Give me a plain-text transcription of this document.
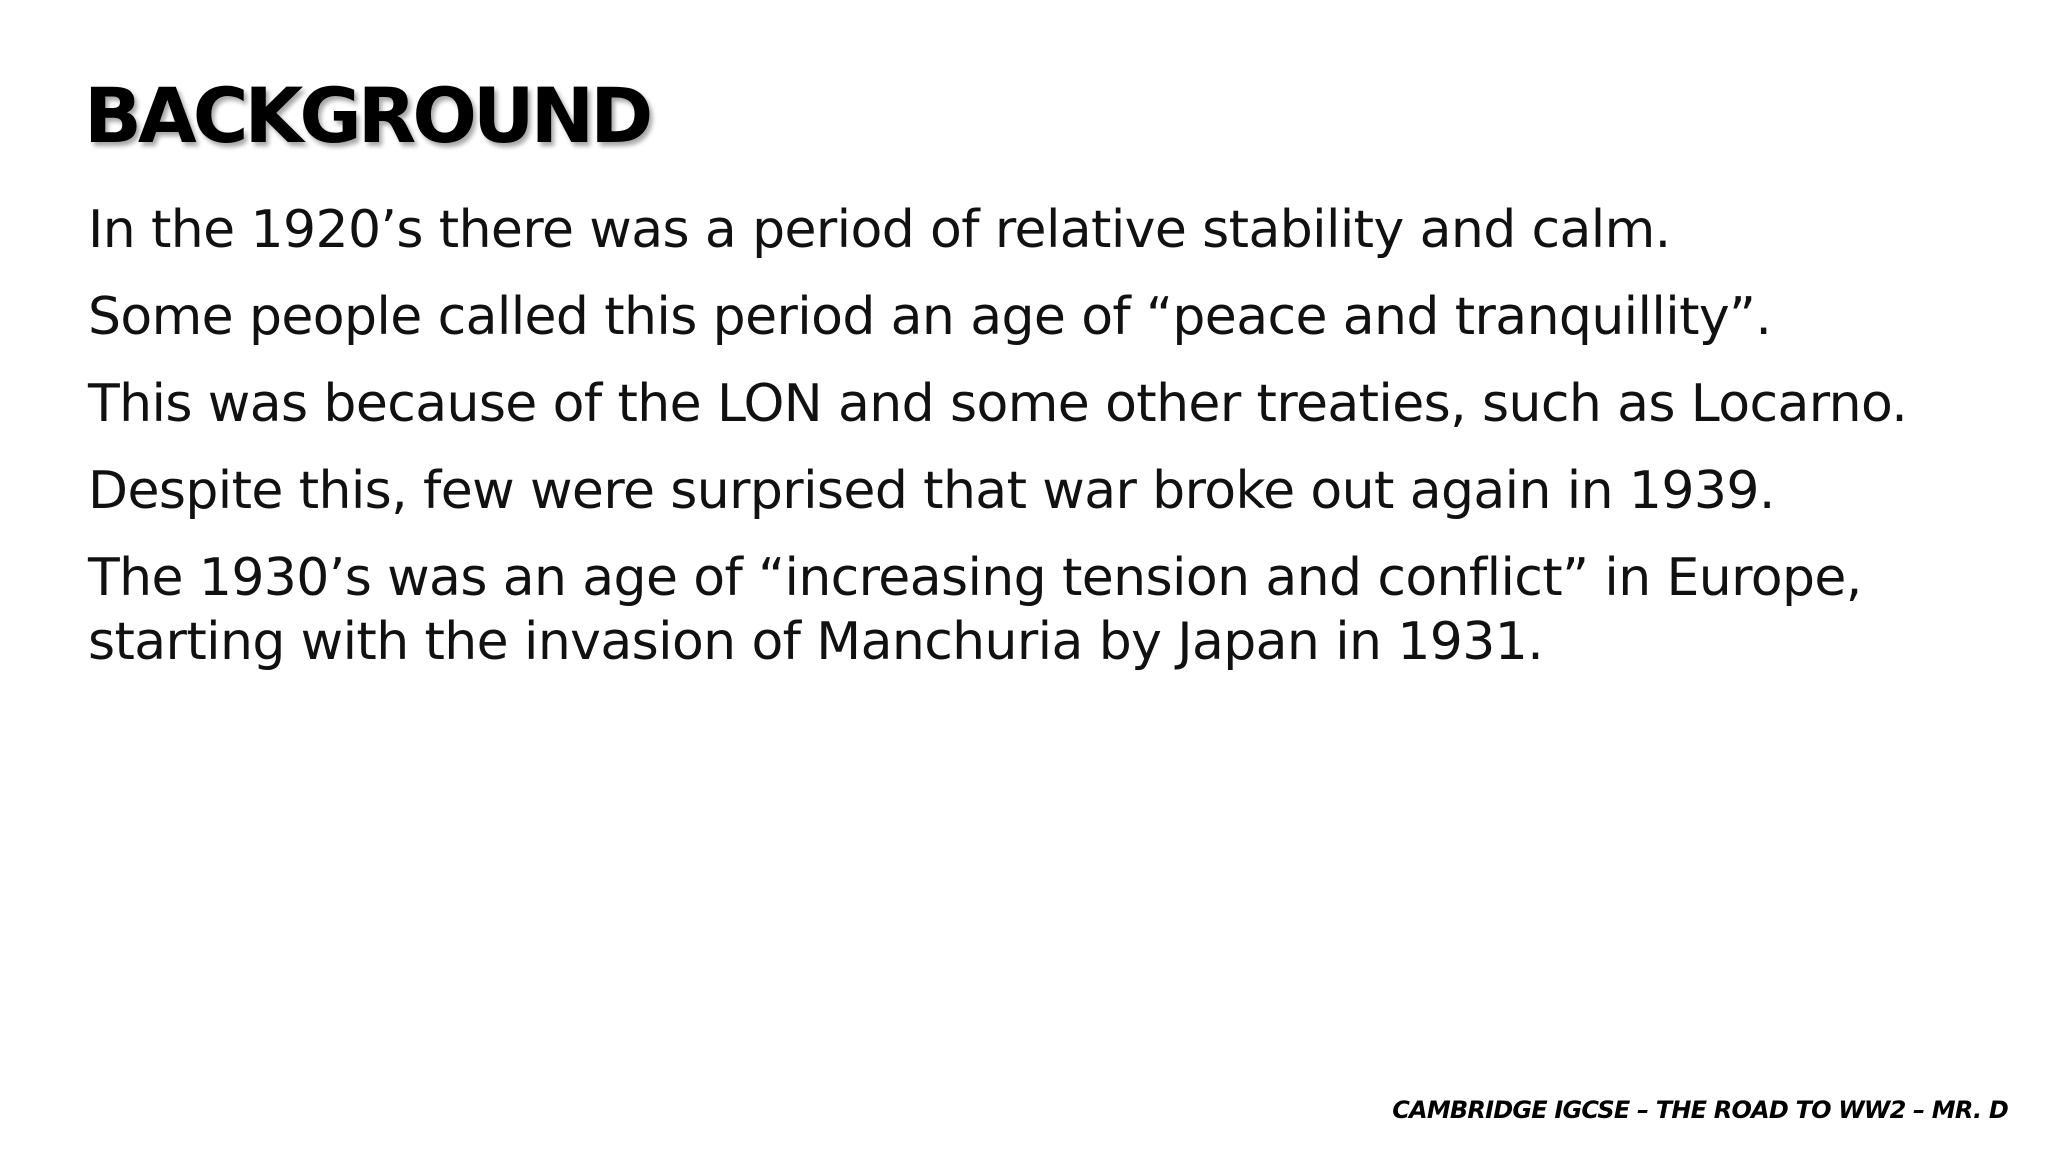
BACKGROUND
In the 1920’s there was a period of relative stability and calm.
Some people called this period an age of “peace and tranquillity”.
This was because of the LON and some other treaties, such as Locarno.
Despite this, few were surprised that war broke out again in 1939.
The 1930’s was an age of “increasing tension and conflict” in Europe, starting with the invasion of Manchuria by Japan in 1931.
CAMBRIDGE IGCSE – THE ROAD TO WW2 – MR. D
